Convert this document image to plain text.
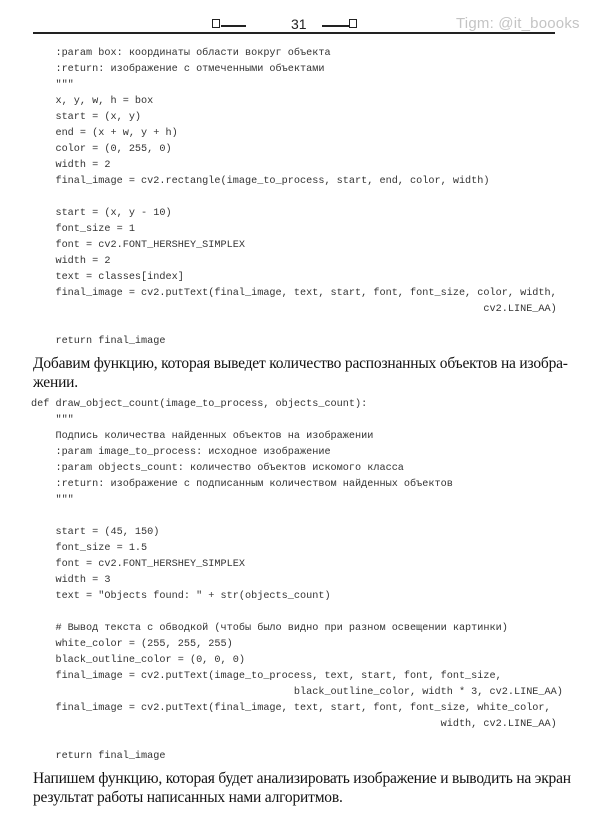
31	Tigm: @it_boooks
:param box: координаты области вокруг объекта
:return: изображение с отмеченными объектами
"""
x, y, w, h = box
start = (x, y)
end = (x + w, y + h)
color = (0, 255, 0)
width = 2
final_image = cv2.rectangle(image_to_process, start, end, color, width)
start = (x, y - 10)
font_size = 1
font = cv2.FONT_HERSHEY_SIMPLEX
width = 2
text = classes[index]
final_image = cv2.putText(final_image, text, start, font, font_size, color, width,
cv2.LINE_AA)
return final_image
Добавим функцию, которая выведет количество распознанных объектов на изобра-
жении.
def draw_object_count(image_to_process, objects_count):
"""
Подпись количества найденных объектов на изображении
:param image_to_process: исходное изображение
:param objects_count: количество объектов искомого класса
:return: изображение с подписанным количеством найденных объектов
"""
start = (45, 150)
font_size = 1.5
font = cv2.FONT_HERSHEY_SIMPLEX
width = 3
text = "Objects found: " + str(objects_count)
# Вывод текста с обводкой (чтобы было видно при разном освещении картинки)
white_color = (255, 255, 255)
black_outline_color = (0, 0, 0)
final_image = cv2.putText(image_to_process, text, start, font, font_size,
black_outline_color, width * 3, cv2.LINE_AA)
final_image = cv2.putText(final_image, text, start, font, font_size, white_color,
width, cv2.LINE_AA)
return final_image
Напишем функцию, которая будет анализировать изображение и выводить на экран
результат работы написанных нами алгоритмов.
